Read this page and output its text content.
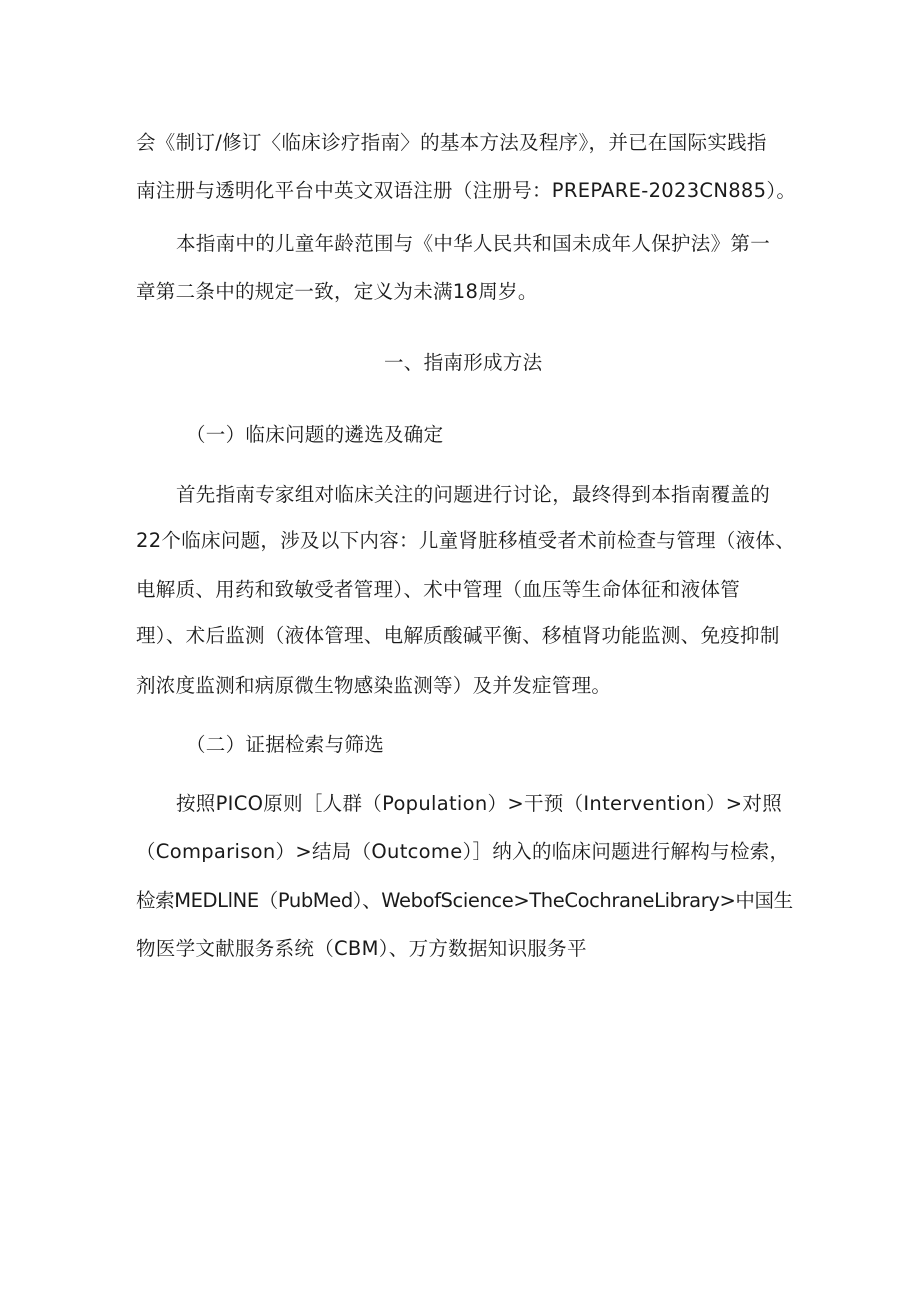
会《制订/修订〈临床诊疗指南〉的基本方法及程序》，并已在国际实践指
南注册与透明化平台中英文双语注册（注册号：PREPARE-2023CN885）。
本指南中的儿童年龄范围与《中华人民共和国未成年人保护法》第一
章第二条中的规定一致，定义为未满18周岁。
一、指南形成方法
（一）临床问题的遴选及确定
首先指南专家组对临床关注的问题进行讨论，最终得到本指南覆盖的
22个临床问题，涉及以下内容：儿童肾脏移植受者术前检查与管理（液体、
电解质、用药和致敏受者管理）、术中管理（血压等生命体征和液体管
理）、术后监测（液体管理、电解质酸碱平衡、移植肾功能监测、免疫抑制
剂浓度监测和病原微生物感染监测等）及并发症管理。
（二）证据检索与筛选
按照PICO原则［人群（Population）>干预（Intervention）>对照
（Comparison）>结局（Outcome）］纳入的临床问题进行解构与检索，
检索MEDLlNE（PubMed）、WebofScience>TheCochraneLibrary>中国生
物医学文献服务系统（CBM）、万方数据知识服务平
